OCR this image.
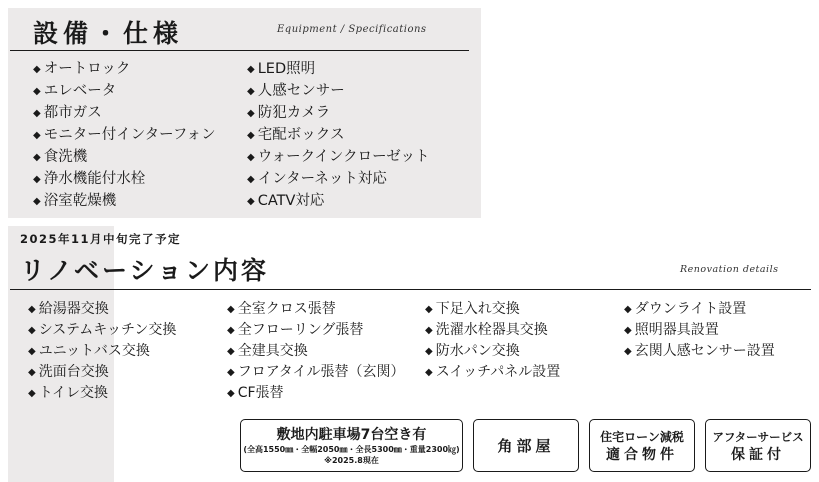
設備・仕様	Equipment / Specifications
◆ オートロック
◆ エレベータ
◆ 都市ガス
◆ モニター付インターフォン
◆ 食洗機
◆ 浄水機能付水栓
◆ 浴室乾燥機
◆ LED照明
◆ 人感センサー
◆ 防犯カメラ
◆ 宅配ボックス
◆ ウォークインクローゼット
◆ インターネット対応
◆ CATV対応
2025年11月中旬完了予定
リノベーション内容	Renovation details
◆ 給湯器交換
◆ システムキッチン交換
◆ ユニットバス交換
◆ 洗面台交換
◆ トイレ交換
◆ 全室クロス張替
◆ 全フローリング張替
◆ 全建具交換
◆ フロアタイル張替（玄関）
◆ CF張替
◆ 下足入れ交換
◆ 洗濯水栓器具交換
◆ 防水パン交換
◆ スイッチパネル設置
◆ ダウンライト設置
◆ 照明器具設置
◆ 玄関人感センサー設置
敷地内駐車場7台空き有
(全高1550㎜・全幅2050㎜・全長5300㎜・重量2300㎏)
※2025.8現在
角部屋	住宅ローン減税
適合物件
アフターサービス
保証付
